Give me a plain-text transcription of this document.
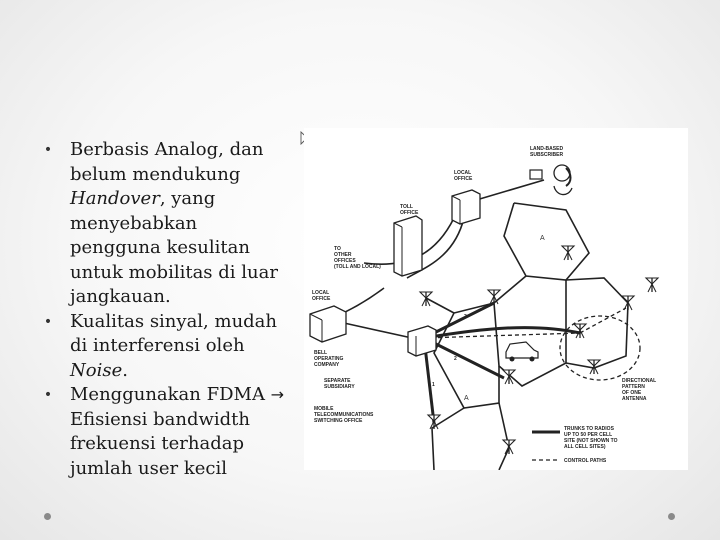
• Berbasis Analog, dan belum mendukung Handover, yang menyebabkan pengguna kesulitan untuk mobilitas di luar jangkauan.
• Kualitas sinyal, mudah di interferensi oleh Noise.
• Menggunakan FDMA → Efisiensi bandwidth frekuensi terhadap jumlah user kecil
LAND-BASED SUBSCRIBER
LOCAL OFFICE
TOLL OFFICE
TO OTHER OFFICES (TOLL AND LOCAL)
LOCAL OFFICE
BELL OPERATING COMPANY
SEPARATE SUBSIDIARY
MOBILE TELECOMMUNICATIONS SWITCHING OFFICE
DIRECTIONAL PATTERN OF ONE ANTENNA
TRUNKS TO RADIOS UP TO 50 PER CELL SITE (NOT SHOWN TO ALL CELL SITES)
CONTROL PATHS
A
A
1
2
3
